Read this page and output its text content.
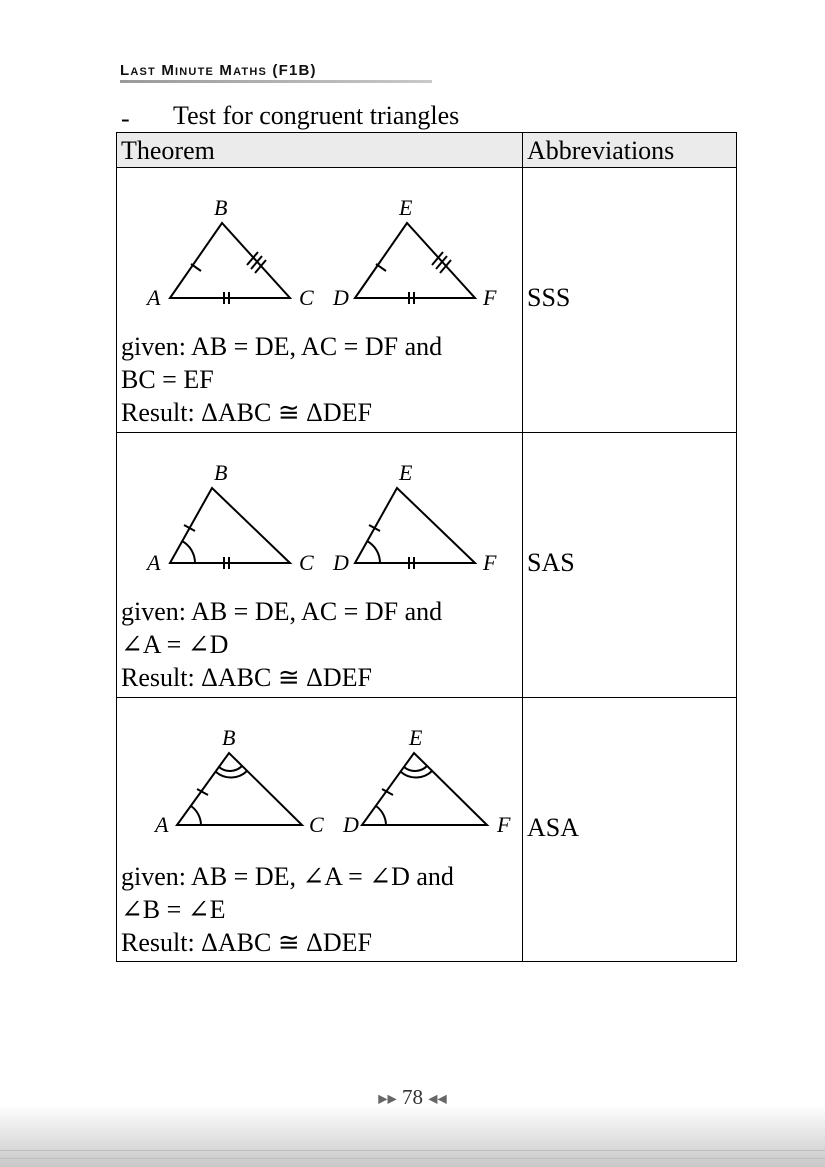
Last Minute Maths (F1B)
- Test for congruent triangles
Theorem	Abbreviations
A
B
C D
E
F
given: AB = DE, AC = DF and
BC = EF
Result: ΔABC ≅ ΔDEF
SSS
A
B
C D
E
F
given: AB = DE, AC = DF and
∠A = ∠D
Result: ΔABC ≅ ΔDEF
SAS
A
B
C D
E
F
given: AB = DE, ∠A = ∠D and
∠B = ∠E
Result: ΔABC ≅ ΔDEF
ASA
▶▶ 78 ◀◀
